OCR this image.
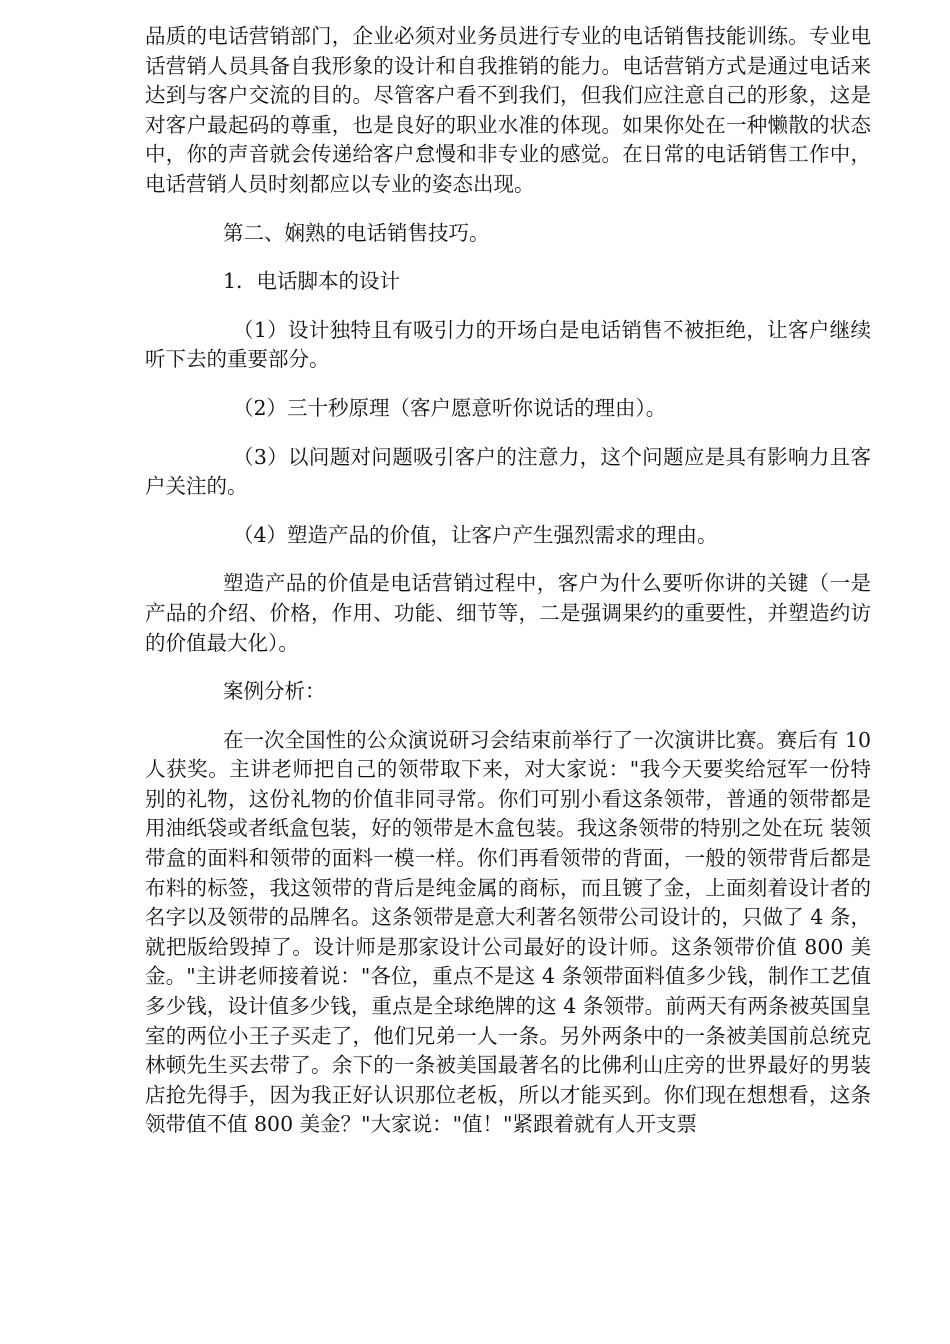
品质的电话营销部门，企业必须对业务员进行专业的电话销售技能训练。专业电话营销人员具备自我形象的设计和自我推销的能力。电话营销方式是通过电话来达到与客户交流的目的。尽管客户看不到我们，但我们应注意自己的形象，这是对客户最起码的尊重，也是良好的职业水准的体现。如果你处在一种懒散的状态中，你的声音就会传递给客户怠慢和非专业的感觉。在日常的电话销售工作中，电话营销人员时刻都应以专业的姿态出现。

第二、娴熟的电话销售技巧。

1．电话脚本的设计

（1）设计独特且有吸引力的开场白是电话销售不被拒绝，让客户继续听下去的重要部分。

（2）三十秒原理（客户愿意听你说话的理由）。

（3）以问题对问题吸引客户的注意力，这个问题应是具有影响力且客户关注的。

（4）塑造产品的价值，让客户产生强烈需求的理由。

塑造产品的价值是电话营销过程中，客户为什么要听你讲的关键（一是产品的介绍、价格，作用、功能、细节等，二是强调果约的重要性，并塑造约访的价值最大化）。

案例分析：

在一次全国性的公众演说研习会结束前举行了一次演讲比赛。赛后有 10 人获奖。主讲老师把自己的领带取下来，对大家说："我今天要奖给冠军一份特别的礼物，这份礼物的价值非同寻常。你们可别小看这条领带，普通的领带都是用油纸袋或者纸盒包装，好的领带是木盒包装。我这条领带的特别之处在玩 装领带盒的面料和领带的面料一模一样。你们再看领带的背面，一般的领带背后都是布料的标签，我这领带的背后是纯金属的商标，而且镀了金，上面刻着设计者的名字以及领带的品牌名。这条领带是意大利著名领带公司设计的，只做了 4 条，就把版给毁掉了。设计师是那家设计公司最好的设计师。这条领带价值 800 美金。"主讲老师接着说："各位，重点不是这 4 条领带面料值多少钱，制作工艺值多少钱，设计值多少钱，重点是全球绝牌的这 4 条领带。前两天有两条被英国皇室的两位小王子买走了，他们兄弟一人一条。另外两条中的一条被美国前总统克林顿先生买去带了。余下的一条被美国最著名的比佛利山庄旁的世界最好的男装店抢先得手，因为我正好认识那位老板，所以才能买到。你们现在想想看，这条领带值不值 800 美金？"大家说："值！"紧跟着就有人开支票
